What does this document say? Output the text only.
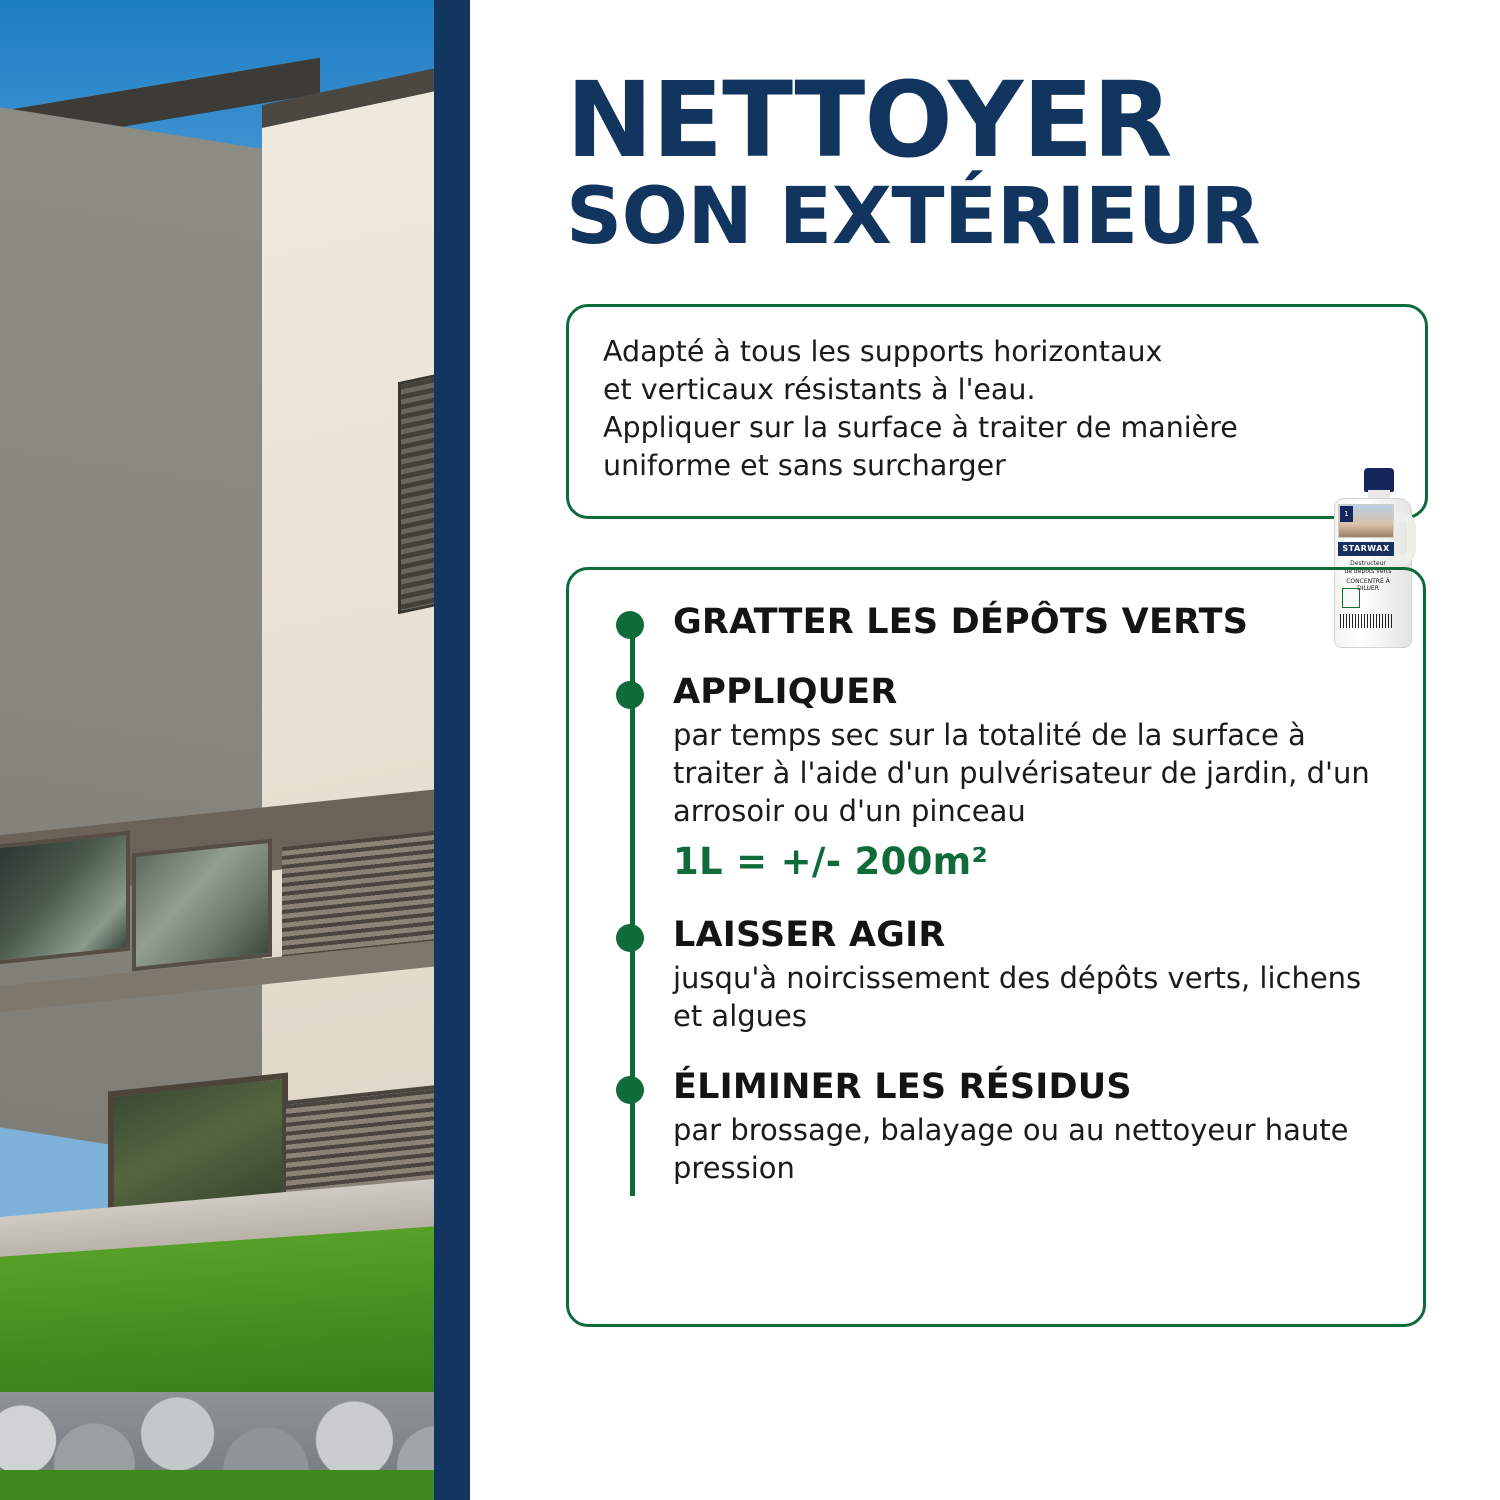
NETTOYER
SON EXTÉRIEUR
Adapté à tous les supports horizontaux
et verticaux résistants à l'eau.
Appliquer sur la surface à traiter de manière
uniforme et sans surcharger
1
STARWAX
Destructeur
de dépôts verts
CONCENTRÉ À DILUER
GRATTER LES DÉPÔTS VERTS
APPLIQUER
par temps sec sur la totalité de la surface à traiter à l'aide d'un pulvérisateur de jardin, d'un arrosoir ou d'un pinceau
1L = +/- 200m²
LAISSER AGIR
jusqu'à noircissement des dépôts verts, lichens et algues
ÉLIMINER LES RÉSIDUS
par brossage, balayage ou au nettoyeur haute pression
